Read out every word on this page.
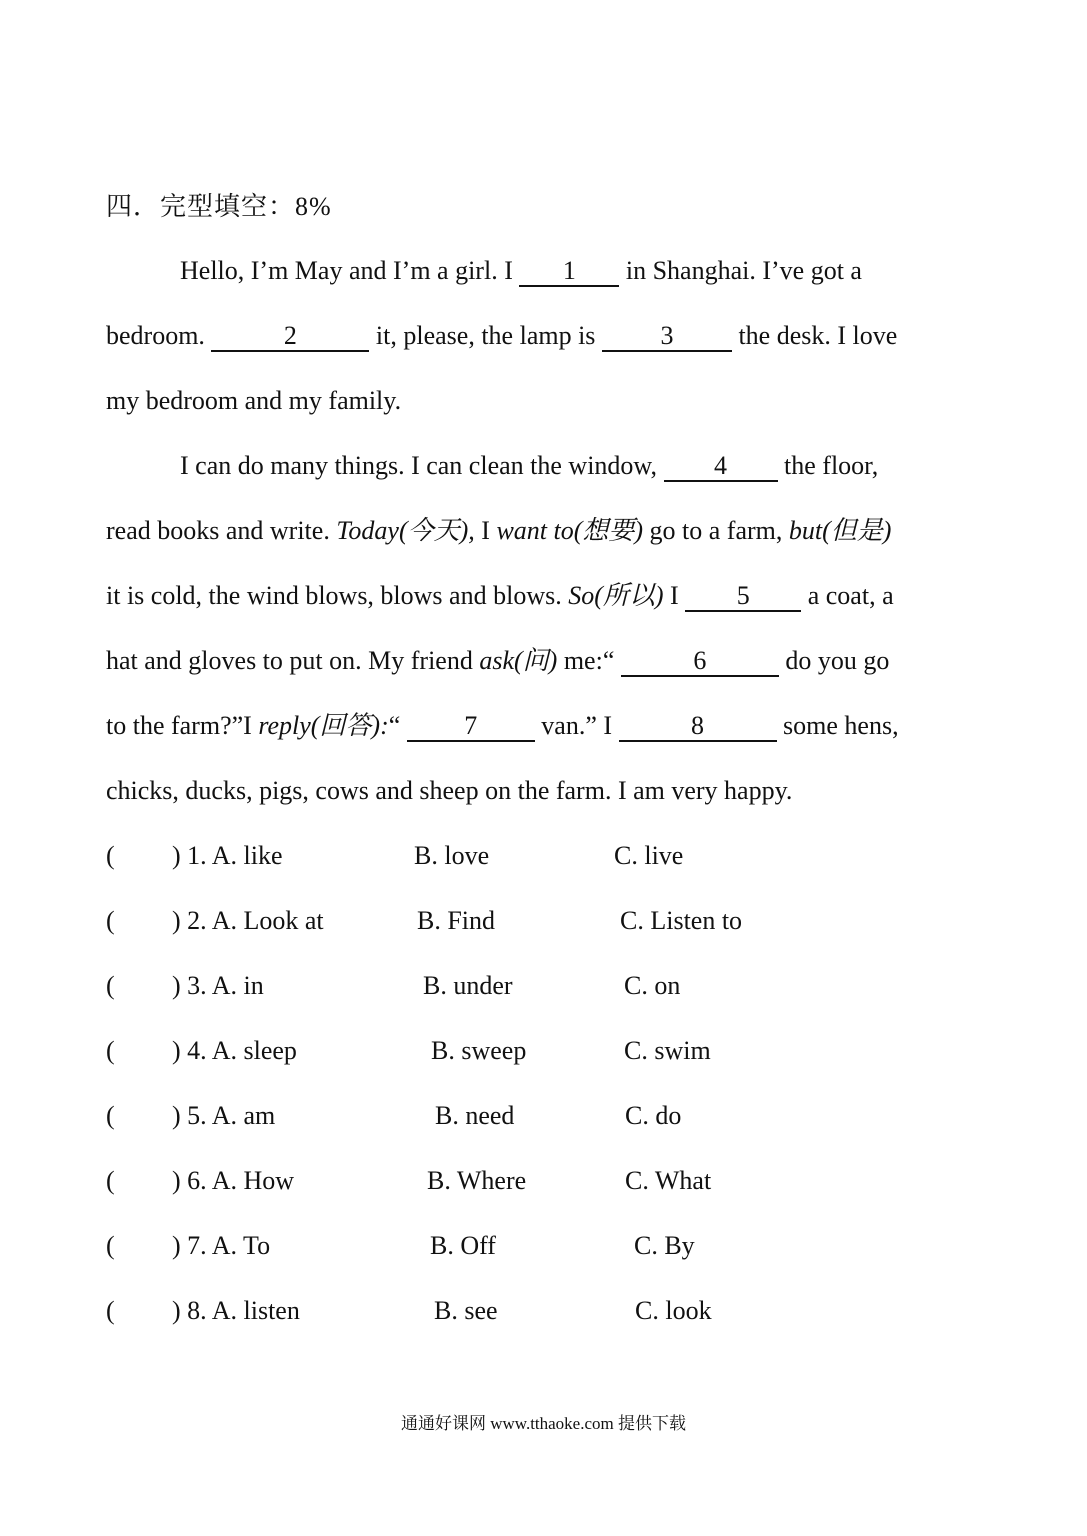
四．完型填空：8%
Hello, I’m May and I’m a girl. I 1 in Shanghai. I’ve got a
bedroom.	2	it, please, the lamp is 3 the desk. I love
my bedroom and my family.
I can do many things. I can clean the window, 4 the floor,
read books and write. Today(今天), I want to(想要) go to a farm, but(但是)
it is cold, the wind blows, blows and blows. So(所以) I 5 a coat, a
hat and gloves to put on. My friend ask(问) me:“	6	do you go
to the farm?”I reply(回答):“ 7 van.” I	8	some hens,
chicks, ducks, pigs, cows and sheep on the farm. I am very happy.
( ) 1. A. like	B. love	C. live
( ) 2. A. Look at	B. Find	C. Listen to
( ) 3. A. in	B. under	C. on
( ) 4. A. sleep	B. sweep	C. swim
( ) 5. A. am	B. need	C. do
( ) 6. A. How	B. Where	C. What
( ) 7. A. To	B. Off	C. By
( ) 8. A. listen	B. see	C. look
通通好课网 www.tthaoke.com 提供下载
